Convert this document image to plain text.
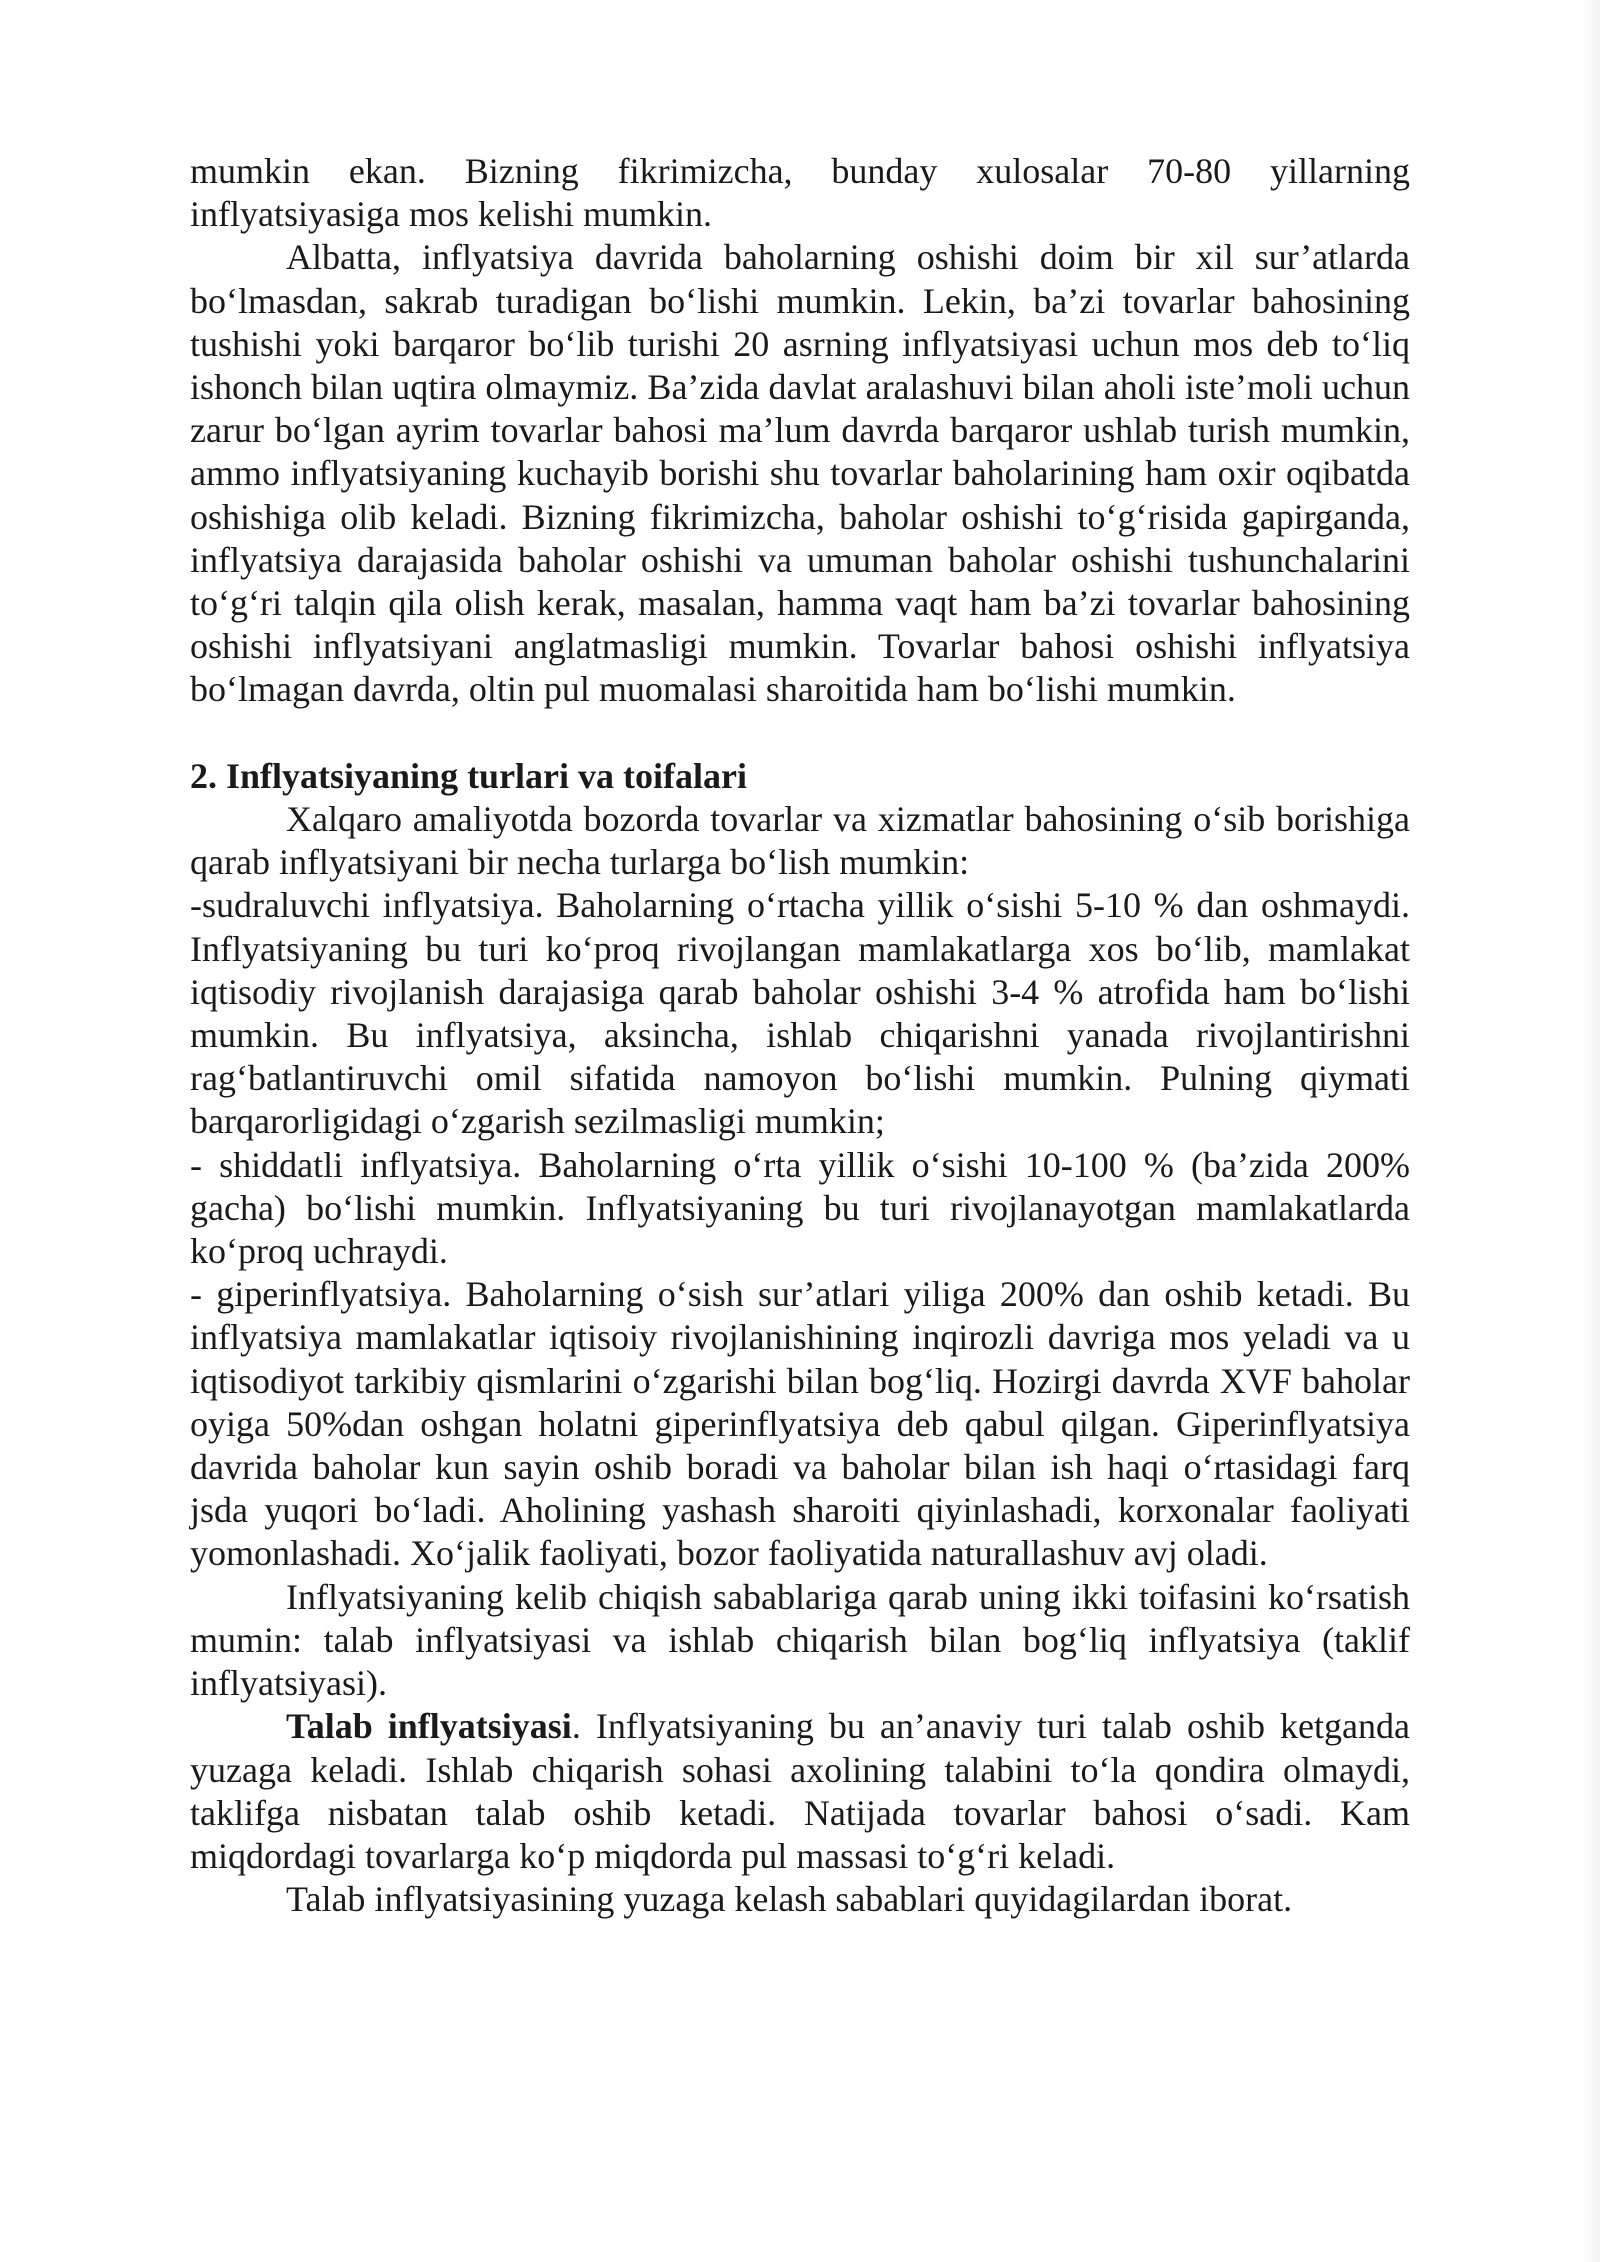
mumkin ekan. Bizning fikrimizcha, bunday xulosalar 70-80 yillarning inflyatsiyasiga mos kelishi mumkin.

Albatta, inflyatsiya davrida baholarning oshishi doim bir xil sur’atlarda bo‘lmasdan, sakrab turadigan bo‘lishi mumkin. Lekin, ba’zi tovarlar bahosining tushishi yoki barqaror bo‘lib turishi 20 asrning inflyatsiyasi uchun mos deb to‘liq ishonch bilan uqtira olmaymiz. Ba’zida davlat aralashuvi bilan aholi iste’moli uchun zarur bo‘lgan ayrim tovarlar bahosi ma’lum davrda barqaror ushlab turish mumkin, ammo inflyatsiyaning kuchayib borishi shu tovarlar baholarining ham oxir oqibatda oshishiga olib keladi. Bizning fikrimizcha, baholar oshishi to‘g‘risida gapirganda, inflyatsiya darajasida baholar oshishi va umuman baholar oshishi tushunchalarini to‘g‘ri talqin qila olish kerak, masalan, hamma vaqt ham ba’zi tovarlar bahosining oshishi inflyatsiyani anglatmasligi mumkin. Tovarlar bahosi oshishi inflyatsiya bo‘lmagan davrda, oltin pul muomalasi sharoitida ham bo‘lishi mumkin.

2. Inflyatsiyaning turlari va toifalari

Xalqaro amaliyotda bozorda tovarlar va xizmatlar bahosining o‘sib borishiga qarab inflyatsiyani bir necha turlarga bo‘lish mumkin:

-sudraluvchi inflyatsiya. Baholarning o‘rtacha yillik o‘sishi 5-10 % dan oshmaydi. Inflyatsiyaning bu turi ko‘proq rivojlangan mamlakatlarga xos bo‘lib, mamlakat iqtisodiy rivojlanish darajasiga qarab baholar oshishi 3-4 % atrofida ham bo‘lishi mumkin. Bu inflyatsiya, aksincha, ishlab chiqarishni yanada rivojlantirishni rag‘batlantiruvchi omil sifatida namoyon bo‘lishi mumkin. Pulning qiymati barqarorligidagi o‘zgarish sezilmasligi mumkin;

- shiddatli inflyatsiya. Baholarning o‘rta yillik o‘sishi 10-100 % (ba’zida 200% gacha) bo‘lishi mumkin. Inflyatsiyaning bu turi rivojlanayotgan mamlakatlarda ko‘proq uchraydi.

- giperinflyatsiya. Baholarning o‘sish sur’atlari yiliga 200% dan oshib ketadi. Bu inflyatsiya mamlakatlar iqtisoiy rivojlanishining inqirozli davriga mos yeladi va u iqtisodiyot tarkibiy qismlarini o‘zgarishi bilan bog‘liq. Hozirgi davrda XVF baholar oyiga 50%dan oshgan holatni giperinflyatsiya deb qabul qilgan. Giperinflyatsiya davrida baholar kun sayin oshib boradi va baholar bilan ish haqi o‘rtasidagi farq jsda yuqori bo‘ladi. Aholining yashash sharoiti qiyinlashadi, korxonalar faoliyati yomonlashadi. Xo‘jalik faoliyati, bozor faoliyatida naturallashuv avj oladi.

Inflyatsiyaning kelib chiqish sabablariga qarab uning ikki toifasini ko‘rsatish mumin: talab inflyatsiyasi va ishlab chiqarish bilan bog‘liq inflyatsiya (taklif inflyatsiyasi).

Talab inflyatsiyasi. Inflyatsiyaning bu an’anaviy turi talab oshib ketganda yuzaga keladi. Ishlab chiqarish sohasi axolining talabini to‘la qondira olmaydi, taklifga nisbatan talab oshib ketadi. Natijada tovarlar bahosi o‘sadi. Kam miqdordagi tovarlarga ko‘p miqdorda pul massasi to‘g‘ri keladi.

Talab inflyatsiyasining yuzaga kelash sabablari quyidagilardan iborat.
